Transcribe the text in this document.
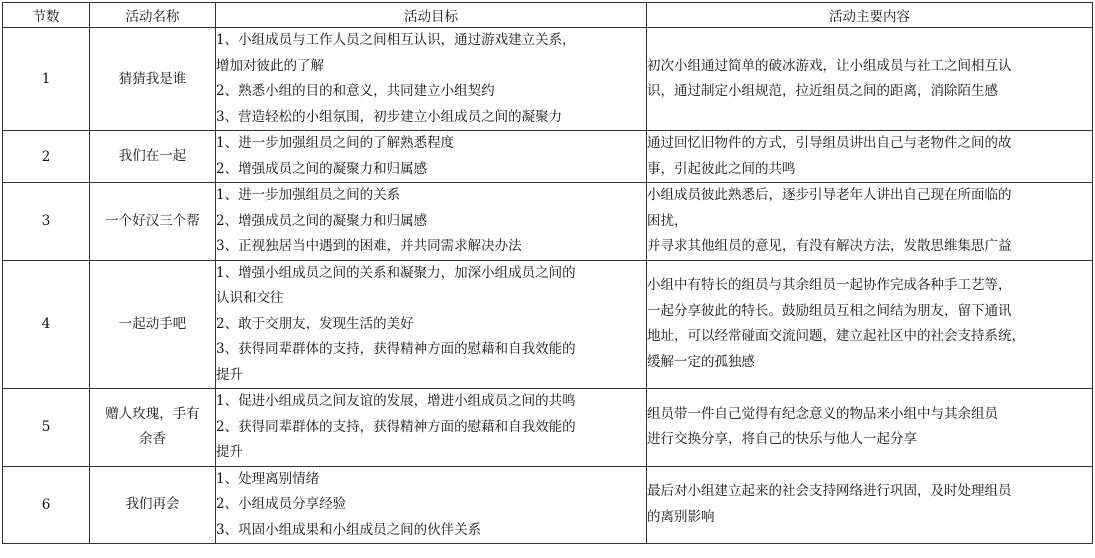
节数	活动名称	活动目标	活动主要内容
1	猜猜我是谁	1、小组成员与工作人员之间相互认识，通过游戏建立关系，
增加对彼此的了解
2、熟悉小组的目的和意义，共同建立小组契约
3、营造轻松的小组氛围，初步建立小组成员之间的凝聚力	初次小组通过简单的破冰游戏，让小组成员与社工之间相互认
识，通过制定小组规范，拉近组员之间的距离，消除陌生感

2	我们在一起	1、进一步加强组员之间的了解熟悉程度
2、增强成员之间的凝聚力和归属感	通过回忆旧物件的方式，引导组员讲出自己与老物件之间的故
事，引起彼此之间的共鸣

3	一个好汉三个帮	1、进一步加强组员之间的关系
2、增强成员之间的凝聚力和归属感
3、正视独居当中遇到的困难，并共同需求解决办法	小组成员彼此熟悉后，逐步引导老年人讲出自己现在所面临的
困扰，
并寻求其他组员的意见，有没有解决方法，发散思维集思广益

4	一起动手吧	1、增强小组成员之间的关系和凝聚力，加深小组成员之间的
认识和交往
2、敢于交朋友，发现生活的美好
3、获得同辈群体的支持，获得精神方面的慰藉和自我效能的
提升	小组中有特长的组员与其余组员一起协作完成各种手工艺等，
一起分享彼此的特长。鼓励组员互相之间结为朋友，留下通讯
地址，可以经常碰面交流问题，建立起社区中的社会支持系统，
缓解一定的孤独感

5	赠人玫瑰，手有
余香	1、促进小组成员之间友谊的发展，增进小组成员之间的共鸣
2、获得同辈群体的支持，获得精神方面的慰藉和自我效能的
提升	组员带一件自己觉得有纪念意义的物品来小组中与其余组员
进行交换分享，将自己的快乐与他人一起分享

6	我们再会	1、处理离别情绪
2、小组成员分享经验
3、巩固小组成果和小组成员之间的伙伴关系	最后对小组建立起来的社会支持网络进行巩固，及时处理组员
的离别影响
